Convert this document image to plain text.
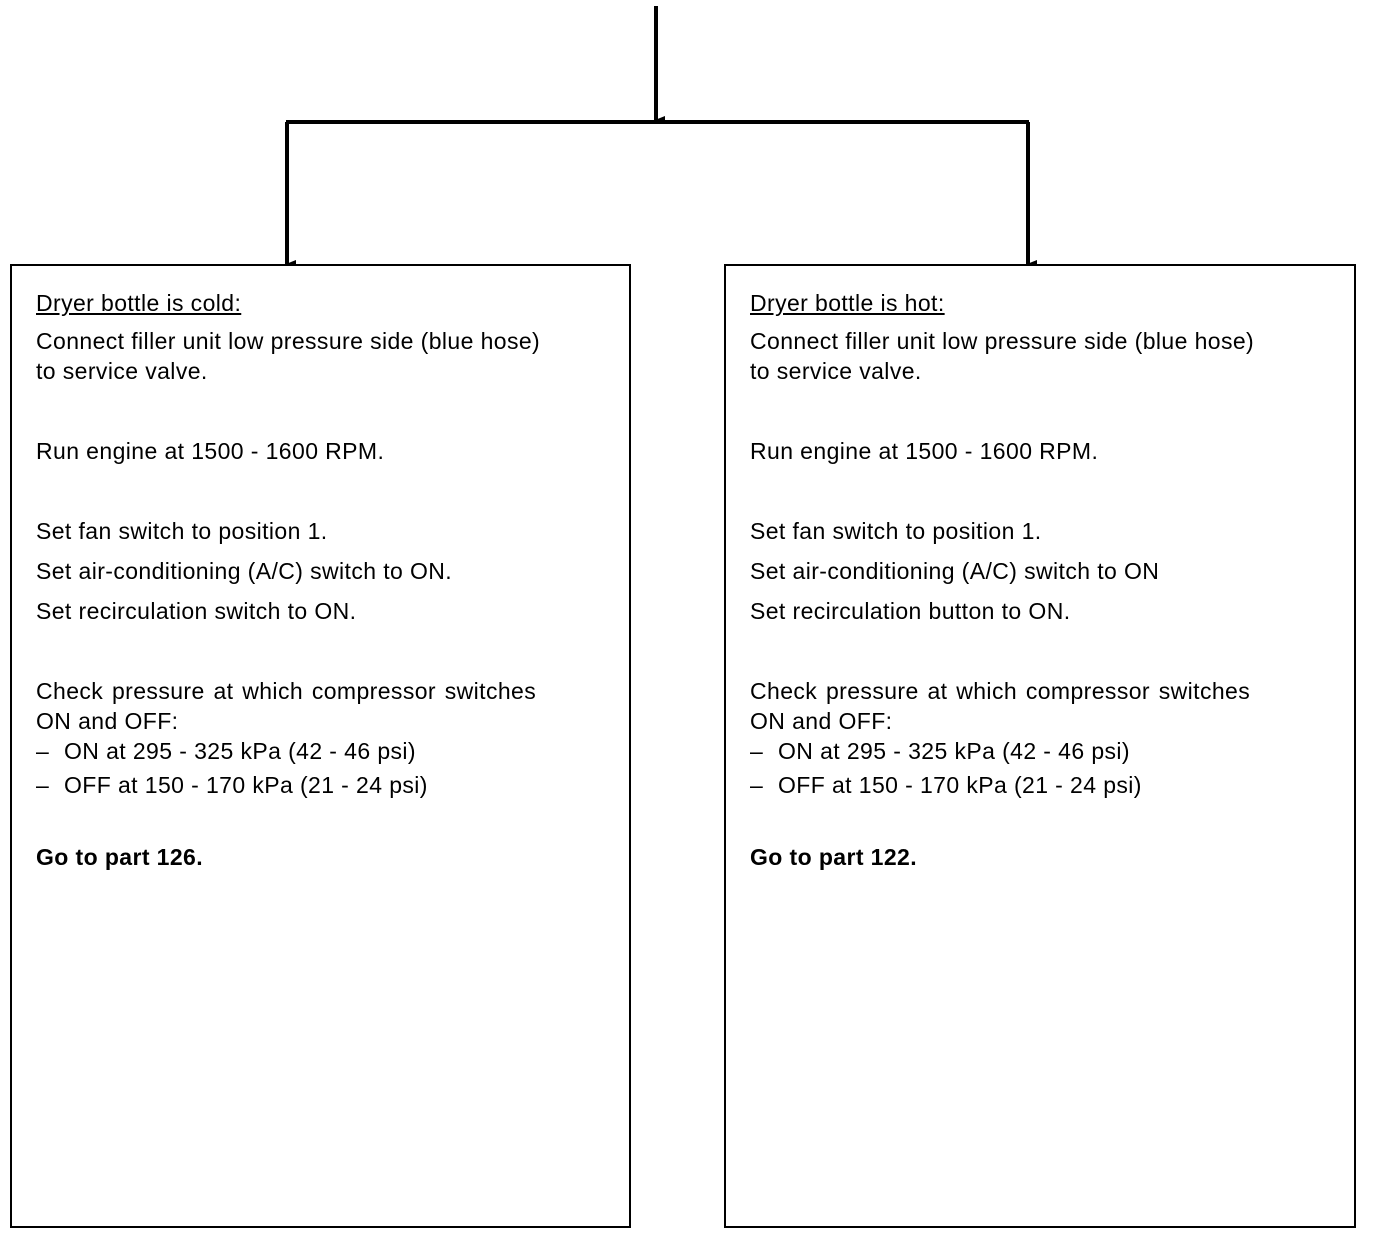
Dryer bottle is cold:
Connect filler unit low pressure side (blue hose)
to service valve.
Run engine at 1500 - 1600 RPM.
Set fan switch to position 1.
Set air-conditioning (A/C) switch to ON.
Set recirculation switch to ON.
Check pressure at which compressor switches
ON and OFF:
– ON at 295 - 325 kPa (42 - 46 psi)
– OFF at 150 - 170 kPa (21 - 24 psi)
Go to part 126.
Dryer bottle is hot:
Connect filler unit low pressure side (blue hose)
to service valve.
Run engine at 1500 - 1600 RPM.
Set fan switch to position 1.
Set air-conditioning (A/C) switch to ON
Set recirculation button to ON.
Check pressure at which compressor switches
ON and OFF:
– ON at 295 - 325 kPa (42 - 46 psi)
– OFF at 150 - 170 kPa (21 - 24 psi)
Go to part 122.
